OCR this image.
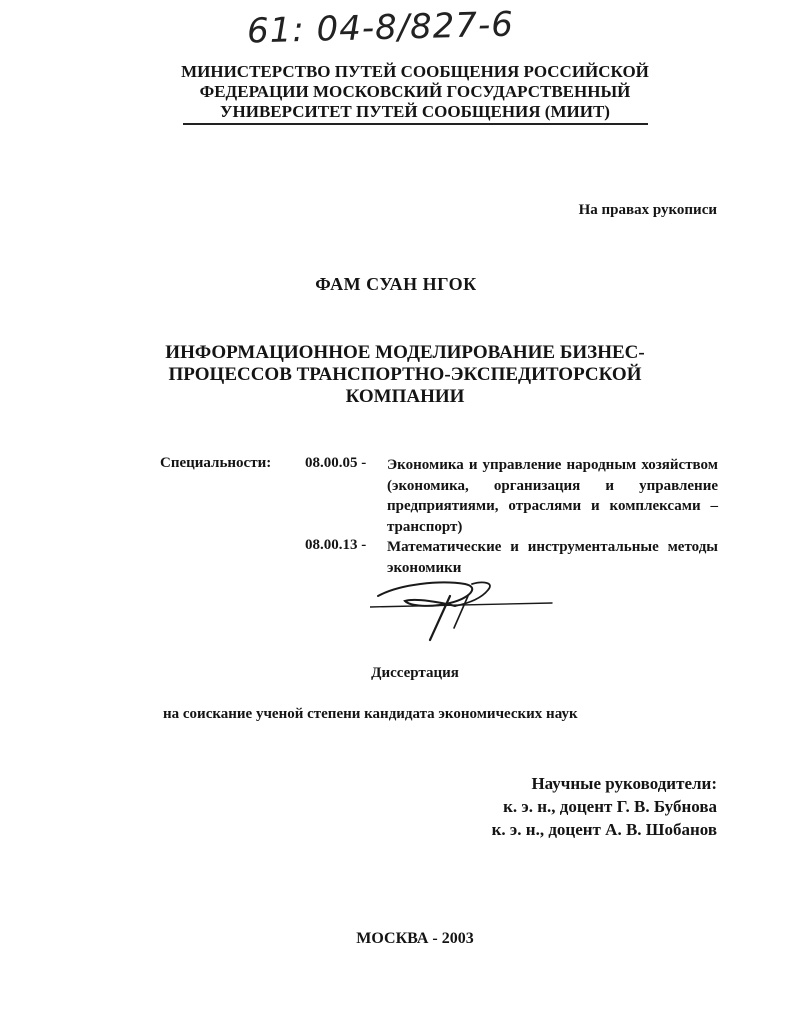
61: 04-8/827-6
МИНИСТЕРСТВО ПУТЕЙ СООБЩЕНИЯ РОССИЙСКОЙ
ФЕДЕРАЦИИ МОСКОВСКИЙ ГОСУДАРСТВЕННЫЙ
УНИВЕРСИТЕТ ПУТЕЙ СООБЩЕНИЯ (МИИТ)
На правах рукописи
ФАМ СУАН НГОК
ИНФОРМАЦИОННОЕ МОДЕЛИРОВАНИЕ БИЗНЕС-
ПРОЦЕССОВ ТРАНСПОРТНО-ЭКСПЕДИТОРСКОЙ
КОМПАНИИ
Специальности: 08.00.05 - Экономика и управление народным хозяйством (экономика, организация и управление предприятиями, отраслями и комплексами – транспорт)
08.00.13 - Математические и инструментальные методы экономики
Диссертация
на соискание ученой степени кандидата экономических наук
Научные руководители:
к. э. н., доцент Г. В. Бубнова
к. э. н., доцент А. В. Шобанов
МОСКВА - 2003
